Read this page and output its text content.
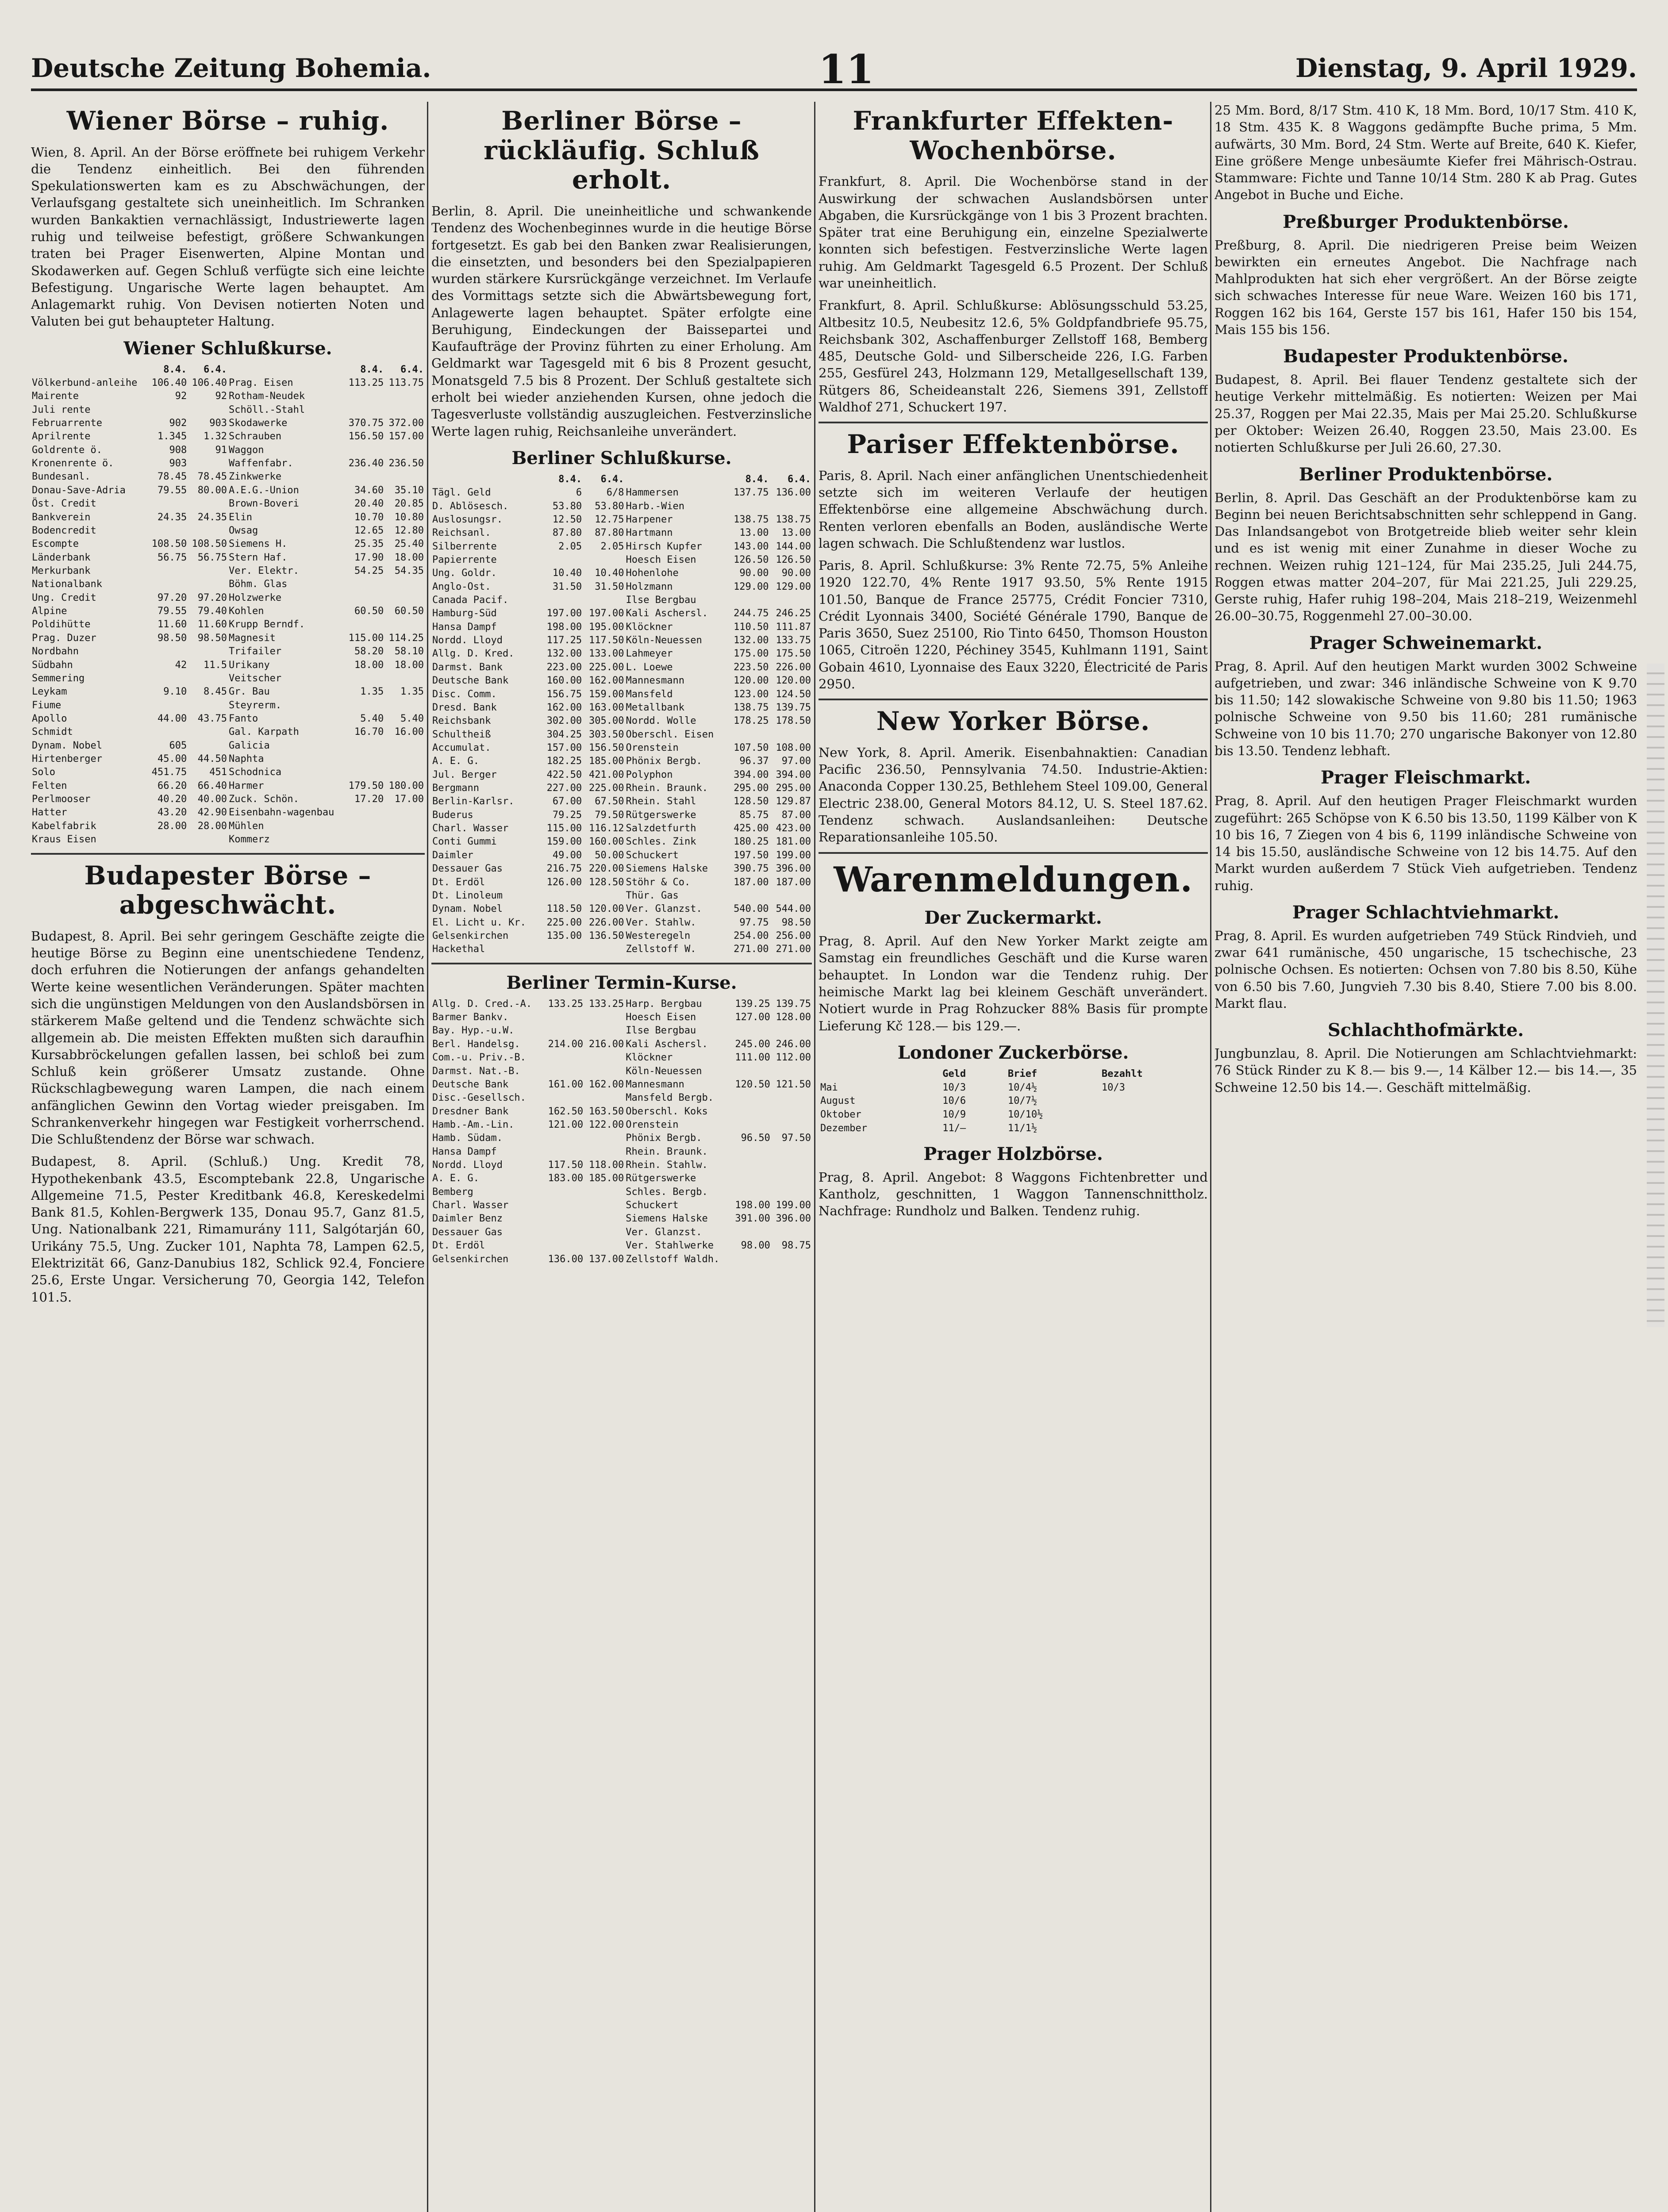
Deutsche Zeitung Bohemia.	11	Dienstag, 9. April 1929.
Wiener Börse – ruhig.

Wien, 8. April. An der Börse eröffnete bei ruhigem Verkehr die Tendenz einheitlich. Bei den führenden Spekulationswerten kam es zu Abschwächungen, der Verlaufsgang gestaltete sich uneinheitlich. Im Schranken wurden Bankaktien vernachlässigt, Industriewerte lagen ruhig und teilweise befestigt, größere Schwankungen traten bei Prager Eisenwerten, Alpine Montan und Skodawerken auf. Gegen Schluß verfügte sich eine leichte Befestigung. Ungarische Werte lagen behauptet. Am Anlagemarkt ruhig. Von Devisen notierten Noten und Valuten bei gut behaupteter Haltung.

Wiener Schlußkurse.
	8.4.	6.4.		8.4.	6.4.
Völkerbund-anleihe	106.40	106.40	Prag. Eisen	113.25	113.75
Mairente	92	92	Rotham-Neudek		
Juli rente			Schöll.-Stahl		
Februarrente	902	903	Skodawerke	370.75	372.00
Aprilrente	1.345	1.32	Schrauben	156.50	157.00
Goldrente ö.	908	91	Waggon		
Kronenrente ö.	903		Waffenfabr.	236.40	236.50
Bundesanl.	78.45	78.45	Zinkwerke		
Donau-Save-Adria	79.55	80.00	A.E.G.-Union	34.60	35.10
Öst. Credit			Brown-Boveri	20.40	20.85
Bankverein	24.35	24.35	Elin	10.70	10.80
Bodencredit			Owsag	12.65	12.80
Escompte	108.50	108.50	Siemens H.	25.35	25.40
Länderbank	56.75	56.75	Stern Haf.	17.90	18.00
Merkurbank			Ver. Elektr.	54.25	54.35
Nationalbank			Böhm. Glas		
Ung. Credit	97.20	97.20	Holzwerke		
Alpine	79.55	79.40	Kohlen	60.50	60.50
Poldihütte	11.60	11.60	Krupp Berndf.		
Prag. Duzer	98.50	98.50	Magnesit	115.00	114.25
Nordbahn			Trifailer	58.20	58.10
Südbahn	42	11.5	Urikany	18.00	18.00
Semmering			Veitscher		
Leykam	9.10	8.45	Gr. Bau	1.35	1.35
Fiume			Steyrerm.		
Apollo	44.00	43.75	Fanto	5.40	5.40
Schmidt			Gal. Karpath	16.70	16.00
Dynam. Nobel	605		Galicia		
Hirtenberger	45.00	44.50	Naphta		
Solo	451.75	451	Schodnica		
Felten	66.20	66.40	Harmer	179.50	180.00
Perlmooser	40.20	40.00	Zuck. Schön.	17.20	17.00
Hatter	43.20	42.90	Eisenbahn-wagenbau		
Kabelfabrik	28.00	28.00	Mühlen		
Kraus Eisen			Kommerz		
Budapester Börse – abgeschwächt.

Budapest, 8. April. Bei sehr geringem Geschäfte zeigte die heutige Börse zu Beginn eine unentschiedene Tendenz, doch erfuhren die Notierungen der anfangs gehandelten Werte keine wesentlichen Veränderungen. Später machten sich die ungünstigen Meldungen von den Auslandsbörsen in stärkerem Maße geltend und die Tendenz schwächte sich allgemein ab. Die meisten Effekten mußten sich daraufhin Kursabbröckelungen gefallen lassen, bei schloß bei zum Schluß kein größerer Umsatz zustande. Ohne Rückschlagbewegung waren Lampen, die nach einem anfänglichen Gewinn den Vortag wieder preisgaben. Im Schrankenverkehr hingegen war Festigkeit vorherrschend. Die Schlußtendenz der Börse war schwach.

Budapest, 8. April. (Schluß.) Ung. Kredit 78, Hypothekenbank 43.5, Escomptebank 22.8, Ungarische Allgemeine 71.5, Pester Kreditbank 46.8, Kereskedelmi Bank 81.5, Kohlen-Bergwerk 135, Donau 95.7, Ganz 81.5, Ung. Nationalbank 221, Rimamurány 111, Salgótarján 60, Urikány 75.5, Ung. Zucker 101, Naphta 78, Lampen 62.5, Elektrizität 66, Ganz-Danubius 182, Schlick 92.4, Fonciere 25.6, Erste Ungar. Versicherung 70, Georgia 142, Telefon 101.5.

Berliner Börse – rückläufig. Schluß erholt.

Berlin, 8. April. Die uneinheitliche und schwankende Tendenz des Wochenbeginnes wurde in die heutige Börse fortgesetzt. Es gab bei den Banken zwar Realisierungen, die einsetzten, und besonders bei den Spezialpapieren wurden stärkere Kursrückgänge verzeichnet. Im Verlaufe des Vormittags setzte sich die Abwärtsbewegung fort, Anlagewerte lagen behauptet. Später erfolgte eine Beruhigung, Eindeckungen der Baissepartei und Kaufaufträge der Provinz führten zu einer Erholung. Am Geldmarkt war Tagesgeld mit 6 bis 8 Prozent gesucht, Monatsgeld 7.5 bis 8 Prozent. Der Schluß gestaltete sich erholt bei wieder anziehenden Kursen, ohne jedoch die Tagesverluste vollständig auszugleichen. Festverzinsliche Werte lagen ruhig, Reichsanleihe unverändert.

Berliner Schlußkurse.
	8.4.	6.4.		8.4.	6.4.
Tägl. Geld	6	6/8	Hammersen	137.75	136.00
D. Ablösesch.	53.80	53.80	Harb.-Wien		
Auslosungsr.	12.50	12.75	Harpener	138.75	138.75
Reichsanl.	87.80	87.80	Hartmann	13.00	13.00
Silberrente	2.05	2.05	Hirsch Kupfer	143.00	144.00
Papierrente			Hoesch Eisen	126.50	126.50
Ung. Goldr.	10.40	10.40	Hohenlohe	90.00	90.00
Anglo-Ost.	31.50	31.50	Holzmann	129.00	129.00
Canada Pacif.			Ilse Bergbau		
Hamburg-Süd	197.00	197.00	Kali Aschersl.	244.75	246.25
Hansa Dampf	198.00	195.00	Klöckner	110.50	111.87
Nordd. Lloyd	117.25	117.50	Köln-Neuessen	132.00	133.75
Allg. D. Kred.	132.00	133.00	Lahmeyer	175.00	175.50
Darmst. Bank	223.00	225.00	L. Loewe	223.50	226.00
Deutsche Bank	160.00	162.00	Mannesmann	120.00	120.00
Disc. Comm.	156.75	159.00	Mansfeld	123.00	124.50
Dresd. Bank	162.00	163.00	Metallbank	138.75	139.75
Reichsbank	302.00	305.00	Nordd. Wolle	178.25	178.50
Schultheiß	304.25	303.50	Oberschl. Eisen		
Accumulat.	157.00	156.50	Orenstein	107.50	108.00
A. E. G.	182.25	185.00	Phönix Bergb.	96.37	97.00
Jul. Berger	422.50	421.00	Polyphon	394.00	394.00
Bergmann	227.00	225.00	Rhein. Braunk.	295.00	295.00
Berlin-Karlsr.	67.00	67.50	Rhein. Stahl	128.50	129.87
Buderus	79.25	79.50	Rütgerswerke	85.75	87.00
Charl. Wasser	115.00	116.12	Salzdetfurth	425.00	423.00
Conti Gummi	159.00	160.00	Schles. Zink	180.25	181.00
Daimler	49.00	50.00	Schuckert	197.50	199.00
Dessauer Gas	216.75	220.00	Siemens Halske	390.75	396.00
Dt. Erdöl	126.00	128.50	Stöhr & Co.	187.00	187.00
Dt. Linoleum			Thür. Gas		
Dynam. Nobel	118.50	120.00	Ver. Glanzst.	540.00	544.00
El. Licht u. Kr.	225.00	226.00	Ver. Stahlw.	97.75	98.50
Gelsenkirchen	135.00	136.50	Westeregeln	254.00	256.00
Hackethal			Zellstoff W.	271.00	271.00
Berliner Termin-Kurse.
Allg. D. Cred.-A.	133.25	133.25	Harp. Bergbau	139.25	139.75
Barmer Bankv.			Hoesch Eisen	127.00	128.00
Bay. Hyp.-u.W.			Ilse Bergbau		
Berl. Handelsg.	214.00	216.00	Kali Aschersl.	245.00	246.00
Com.-u. Priv.-B.			Klöckner	111.00	112.00
Darmst. Nat.-B.			Köln-Neuessen		
Deutsche Bank	161.00	162.00	Mannesmann	120.50	121.50
Disc.-Gesellsch.			Mansfeld Bergb.		
Dresdner Bank	162.50	163.50	Oberschl. Koks		
Hamb.-Am.-Lin.	121.00	122.00	Orenstein		
Hamb. Südam.			Phönix Bergb.	96.50	97.50
Hansa Dampf			Rhein. Braunk.		
Nordd. Lloyd	117.50	118.00	Rhein. Stahlw.		
A. E. G.	183.00	185.00	Rütgerswerke		
Bemberg			Schles. Bergb.		
Charl. Wasser			Schuckert	198.00	199.00
Daimler Benz			Siemens Halske	391.00	396.00
Dessauer Gas			Ver. Glanzst.		
Dt. Erdöl			Ver. Stahlwerke	98.00	98.75
Gelsenkirchen	136.00	137.00	Zellstoff Waldh.		
Frankfurter Effekten-Wochenbörse.

Frankfurt, 8. April. Die Wochenbörse stand in der Auswirkung der schwachen Auslandsbörsen unter Abgaben, die Kursrückgänge von 1 bis 3 Prozent brachten. Später trat eine Beruhigung ein, einzelne Spezialwerte konnten sich befestigen. Festverzinsliche Werte lagen ruhig. Am Geldmarkt Tagesgeld 6.5 Prozent. Der Schluß war uneinheitlich.

Frankfurt, 8. April. Schlußkurse: Ablösungsschuld 53.25, Altbesitz 10.5, Neubesitz 12.6, 5% Goldpfandbriefe 95.75, Reichsbank 302, Aschaffenburger Zellstoff 168, Bemberg 485, Deutsche Gold- und Silberscheide 226, I.G. Farben 255, Gesfürel 243, Holzmann 129, Metallgesellschaft 139, Rütgers 86, Scheideanstalt 226, Siemens 391, Zellstoff Waldhof 271, Schuckert 197.

Pariser Effektenbörse.

Paris, 8. April. Nach einer anfänglichen Unentschiedenheit setzte sich im weiteren Verlaufe der heutigen Effektenbörse eine allgemeine Abschwächung durch. Renten verloren ebenfalls an Boden, ausländische Werte lagen schwach. Die Schlußtendenz war lustlos.

Paris, 8. April. Schlußkurse: 3% Rente 72.75, 5% Anleihe 1920 122.70, 4% Rente 1917 93.50, 5% Rente 1915 101.50, Banque de France 25775, Crédit Foncier 7310, Crédit Lyonnais 3400, Société Générale 1790, Banque de Paris 3650, Suez 25100, Rio Tinto 6450, Thomson Houston 1065, Citroën 1220, Péchiney 3545, Kuhlmann 1191, Saint Gobain 4610, Lyonnaise des Eaux 3220, Électricité de Paris 2950.

New Yorker Börse.

New York, 8. April. Amerik. Eisenbahnaktien: Canadian Pacific 236.50, Pennsylvania 74.50. Industrie-Aktien: Anaconda Copper 130.25, Bethlehem Steel 109.00, General Electric 238.00, General Motors 84.12, U. S. Steel 187.62. Tendenz schwach. Auslandsanleihen: Deutsche Reparationsanleihe 105.50.

Warenmeldungen.
Der Zuckermarkt.

Prag, 8. April. Auf den New Yorker Markt zeigte am Samstag ein freundliches Geschäft und die Kurse waren behauptet. In London war die Tendenz ruhig. Der heimische Markt lag bei kleinem Geschäft unverändert. Notiert wurde in Prag Rohzucker 88% Basis für prompte Lieferung Kč 128.— bis 129.—.

Londoner Zuckerbörse.
	Geld	Brief	Bezahlt
Mai	10/3	10/4½	10/3
August	10/6	10/7½	
Oktober	10/9	10/10½	
Dezember	11/–	11/1½	
Prager Holzbörse.

Prag, 8. April. Angebot: 8 Waggons Fichtenbretter und Kantholz, geschnitten, 1 Waggon Tannenschnittholz. Nachfrage: Rundholz und Balken. Tendenz ruhig.

25 Mm. Bord, 8/17 Stm. 410 K, 18 Mm. Bord, 10/17 Stm. 410 K, 18 Stm. 435 K. 8 Waggons gedämpfte Buche prima, 5 Mm. aufwärts, 30 Mm. Bord, 24 Stm. Werte auf Breite, 640 K. Kiefer, Eine größere Menge unbesäumte Kiefer frei Mährisch-Ostrau. Stammware: Fichte und Tanne 10/14 Stm. 280 K ab Prag. Gutes Angebot in Buche und Eiche.

Preßburger Produktenbörse.

Preßburg, 8. April. Die niedrigeren Preise beim Weizen bewirkten ein erneutes Angebot. Die Nachfrage nach Mahlprodukten hat sich eher vergrößert. An der Börse zeigte sich schwaches Interesse für neue Ware. Weizen 160 bis 171, Roggen 162 bis 164, Gerste 157 bis 161, Hafer 150 bis 154, Mais 155 bis 156.

Budapester Produktenbörse.

Budapest, 8. April. Bei flauer Tendenz gestaltete sich der heutige Verkehr mittelmäßig. Es notierten: Weizen per Mai 25.37, Roggen per Mai 22.35, Mais per Mai 25.20. Schlußkurse per Oktober: Weizen 26.40, Roggen 23.50, Mais 23.00. Es notierten Schlußkurse per Juli 26.60, 27.30.

Berliner Produktenbörse.

Berlin, 8. April. Das Geschäft an der Produktenbörse kam zu Beginn bei neuen Berichtsabschnitten sehr schleppend in Gang. Das Inlandsangebot von Brotgetreide blieb weiter sehr klein und es ist wenig mit einer Zunahme in dieser Woche zu rechnen. Weizen ruhig 121–124, für Mai 235.25, Juli 244.75, Roggen etwas matter 204–207, für Mai 221.25, Juli 229.25, Gerste ruhig, Hafer ruhig 198–204, Mais 218–219, Weizenmehl 26.00–30.75, Roggenmehl 27.00–30.00.

Prager Schweinemarkt.

Prag, 8. April. Auf den heutigen Markt wurden 3002 Schweine aufgetrieben, und zwar: 346 inländische Schweine von K 9.70 bis 11.50; 142 slowakische Schweine von 9.80 bis 11.50; 1963 polnische Schweine von 9.50 bis 11.60; 281 rumänische Schweine von 10 bis 11.70; 270 ungarische Bakonyer von 12.80 bis 13.50. Tendenz lebhaft.

Prager Fleischmarkt.

Prag, 8. April. Auf den heutigen Prager Fleischmarkt wurden zugeführt: 265 Schöpse von K 6.50 bis 13.50, 1199 Kälber von K 10 bis 16, 7 Ziegen von 4 bis 6, 1199 inländische Schweine von 14 bis 15.50, ausländische Schweine von 12 bis 14.75. Auf den Markt wurden außerdem 7 Stück Vieh aufgetrieben. Tendenz ruhig.

Prager Schlachtviehmarkt.

Prag, 8. April. Es wurden aufgetrieben 749 Stück Rindvieh, und zwar 641 rumänische, 450 ungarische, 15 tschechische, 23 polnische Ochsen. Es notierten: Ochsen von 7.80 bis 8.50, Kühe von 6.50 bis 7.60, Jungvieh 7.30 bis 8.40, Stiere 7.00 bis 8.00. Markt flau.

Schlachthofmärkte.

Jungbunzlau, 8. April. Die Notierungen am Schlachtviehmarkt: 76 Stück Rinder zu K 8.— bis 9.—, 14 Kälber 12.— bis 14.—, 35 Schweine 12.50 bis 14.—. Geschäft mittelmäßig.
